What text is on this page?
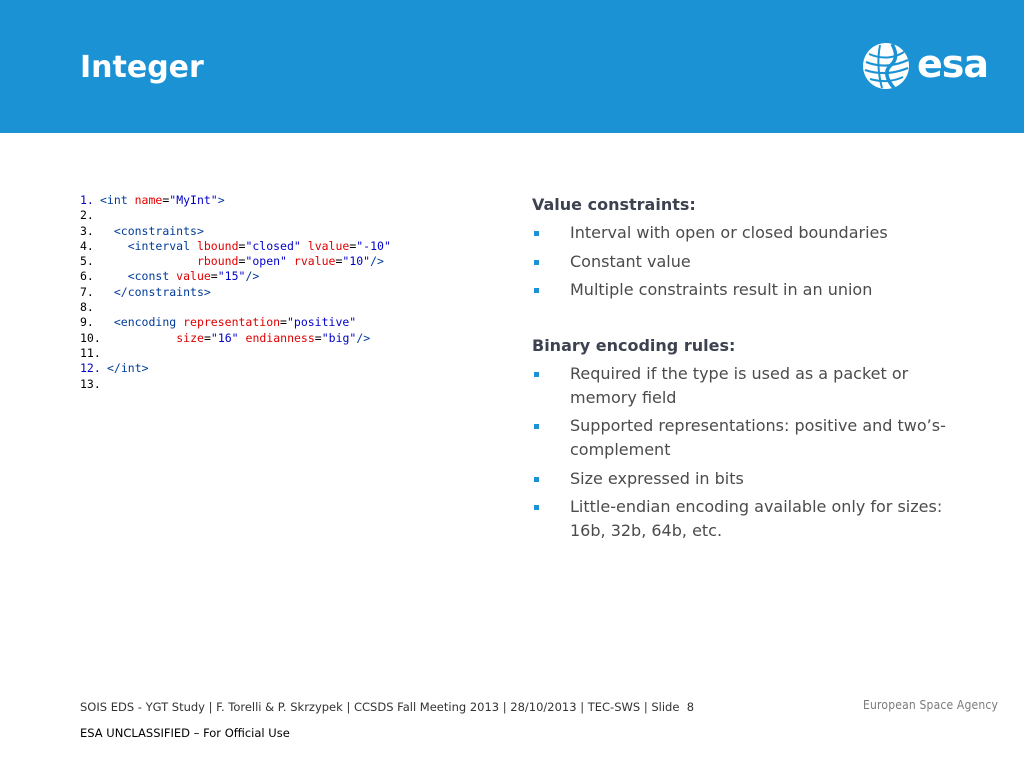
Integer	esa
1. <int name="MyInt">
2.
3. <constraints>
4.	<interval lbound="closed" lvalue="-10"
5.	rbound="open" rvalue="10"/>
6.	<const value="15"/>
7. </constraints>
8.
9. <encoding representation="positive"
10.	size="16" endianness="big"/>
11.
12. </int>
13.
Value constraints:
Interval with open or closed boundaries
Constant value
Multiple constraints result in an union
Binary encoding rules:
Required if the type is used as a packet or memory field
Supported representations: positive and two’s-complement
Size expressed in bits
Little-endian encoding available only for sizes: 16b, 32b, 64b, etc.
SOIS EDS - YGT Study | F. Torelli & P. Skrzypek | CCSDS Fall Meeting 2013 | 28/10/2013 | TEC-SWS | Slide  8
ESA UNCLASSIFIED – For Official Use
European Space Agency
